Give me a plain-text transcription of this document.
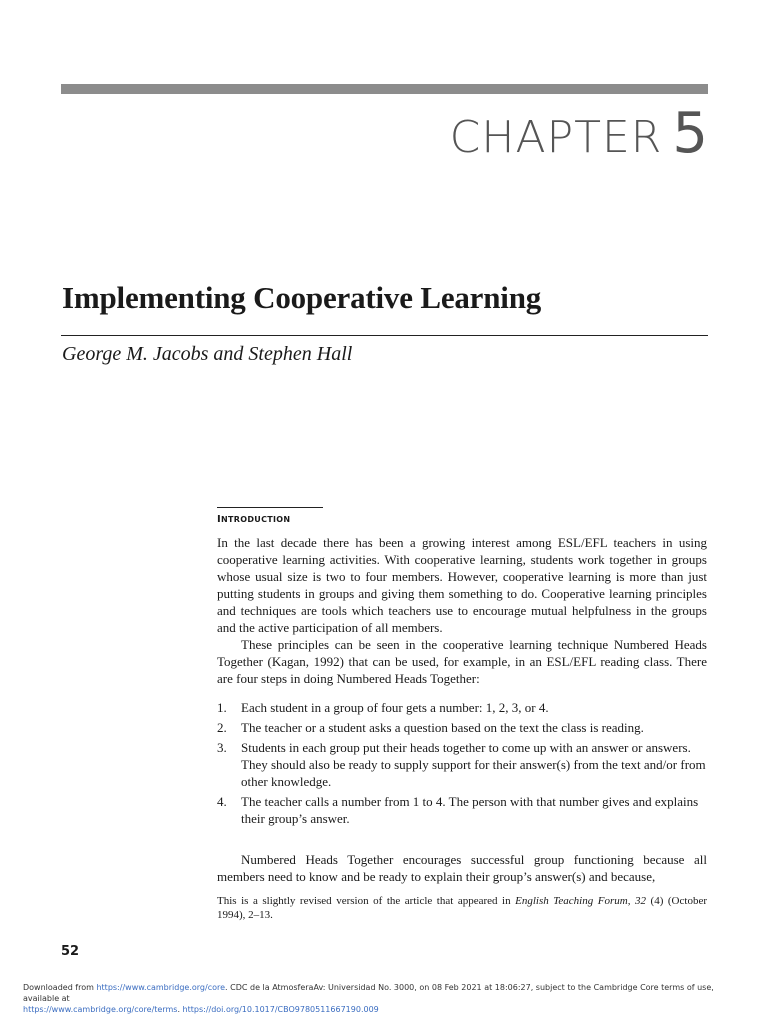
CHAPTER 5
Implementing Cooperative Learning
George M. Jacobs and Stephen Hall
introduction

In the last decade there has been a growing interest among ESL/EFL teachers in using cooperative learning activities. With cooperative learning, students work together in groups whose usual size is two to four members. However, cooperative learning is more than just putting students in groups and giving them something to do. Cooperative learning principles and techniques are tools which teachers use to encourage mutual helpfulness in the groups and the active participation of all members.

These principles can be seen in the cooperative learning technique Numbered Heads Together (Kagan, 1992) that can be used, for example, in an ESL/EFL reading class. There are four steps in doing Numbered Heads Together:

1.	Each student in a group of four gets a number: 1, 2, 3, or 4.
2.	The teacher or a student asks a question based on the text the class is reading.
3.	Students in each group put their heads together to come up with an answer or answers. They should also be ready to supply support for their answer(s) from the text and/or from other knowledge.
4.	The teacher calls a number from 1 to 4. The person with that number gives and explains their group’s answer.

Numbered Heads Together encourages successful group functioning because all members need to know and be ready to explain their group’s answer(s) and because,

This is a slightly revised version of the article that appeared in English Teaching Forum, 32 (4) (October 1994), 2–13.
52
Downloaded from https://www.cambridge.org/core. CDC de la AtmosferaAv: Universidad No. 3000, on 08 Feb 2021 at 18:06:27, subject to the Cambridge Core terms of use, available at
https://www.cambridge.org/core/terms. https://doi.org/10.1017/CBO9780511667190.009
